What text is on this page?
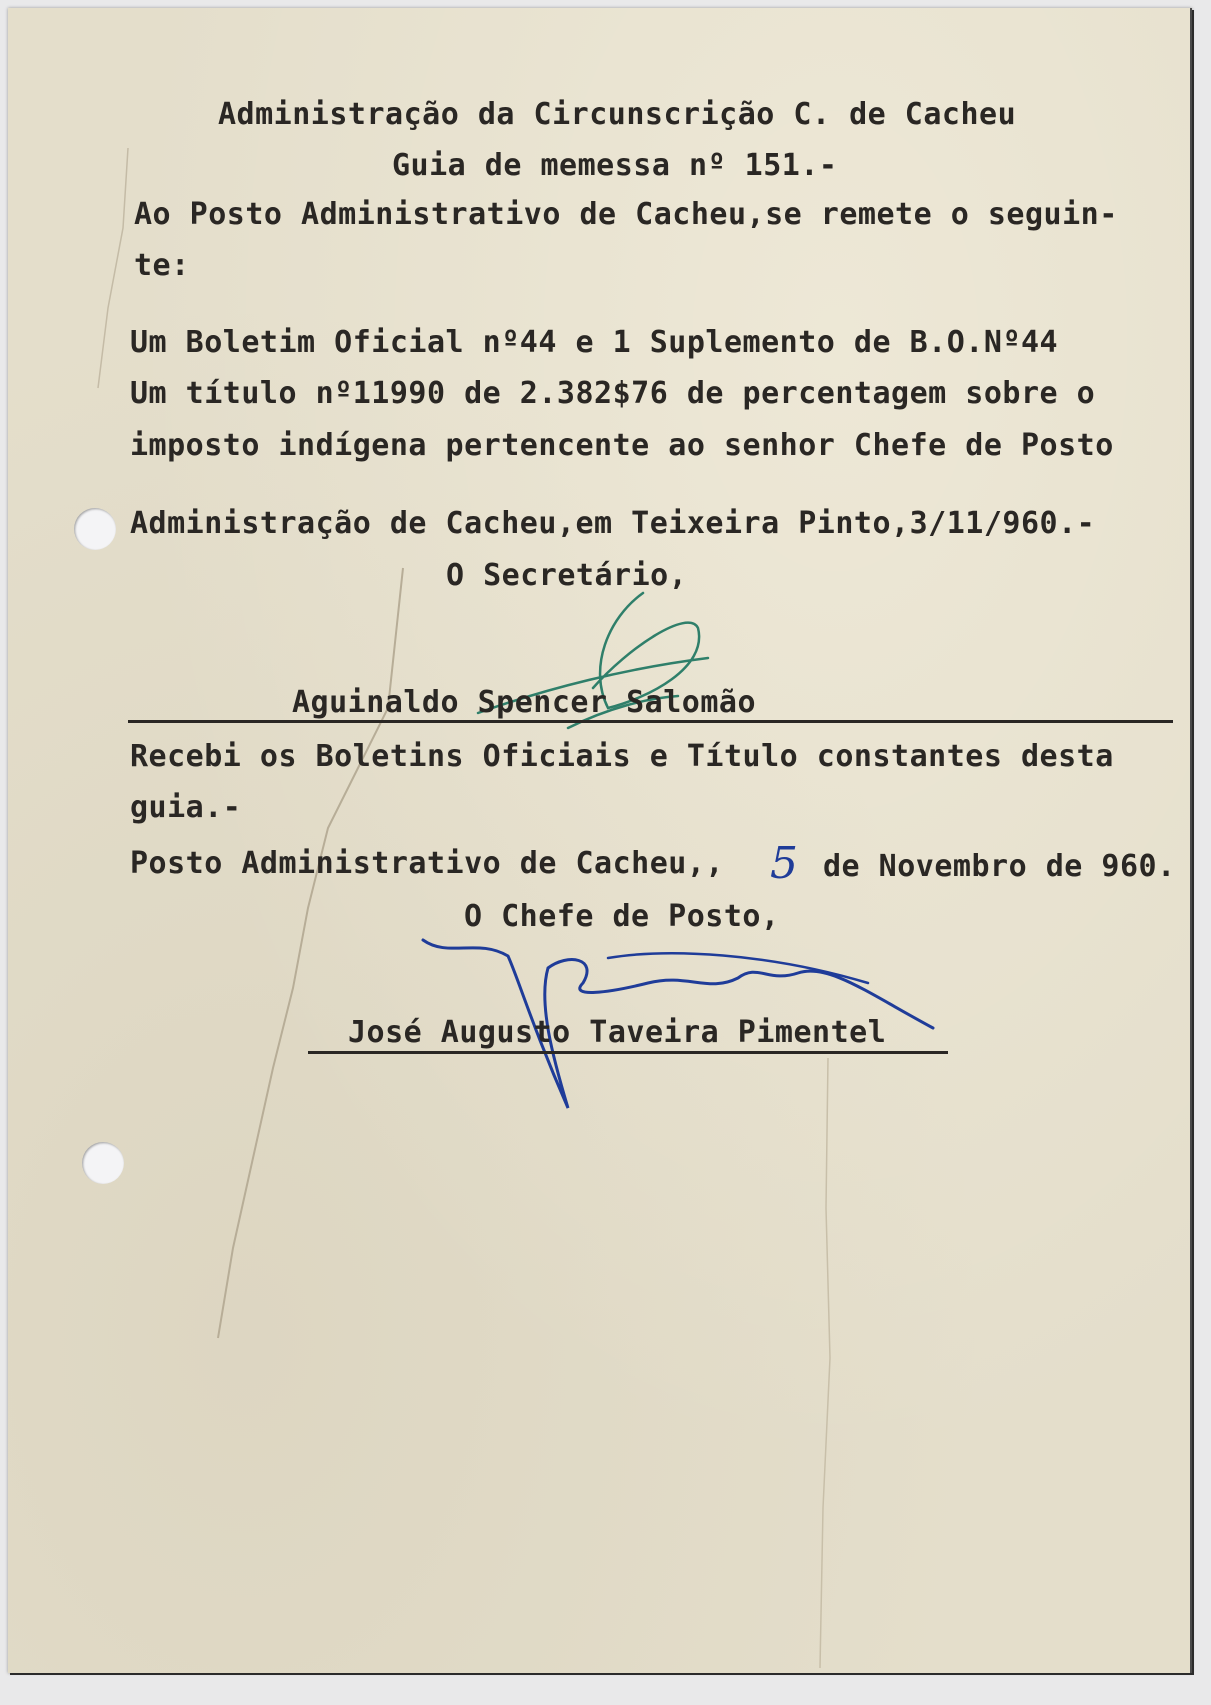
Administração da Circunscrição C. de Cacheu
Guia de memessa nº 151.-
Ao Posto Administrativo de Cacheu,se remete o seguin-
te:
Um Boletim Oficial nº44 e 1 Suplemento de B.O.Nº44
Um título nº11990 de 2.382$76 de percentagem sobre o
imposto indígena pertencente ao senhor Chefe de Posto
Administração de Cacheu,em Teixeira Pinto,3/11/960.-
O Secretário,
Aguinaldo Spencer Salomão
Recebi os Boletins Oficiais e Título constantes desta
guia.-
Posto Administrativo de Cacheu,, 5 de Novembro de 960.
O Chefe de Posto,
José Augusto Taveira Pimentel
